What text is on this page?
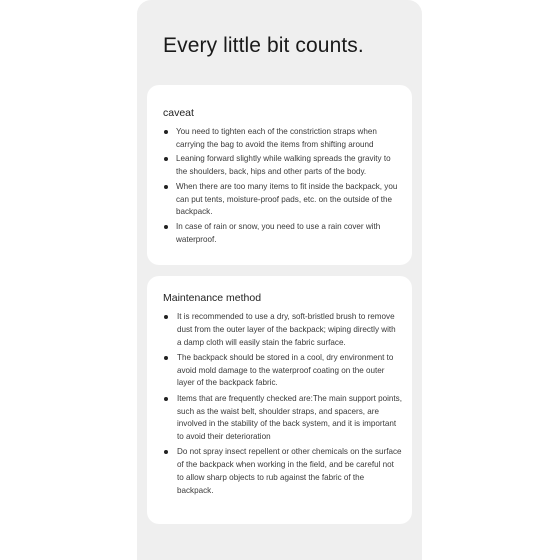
Every little bit counts.
caveat
You need to tighten each of the constriction straps when carrying the bag to avoid the items from shifting around
Leaning forward slightly while walking spreads the gravity to the shoulders, back, hips and other parts of the body.
When there are too many items to fit inside the backpack, you can put tents, moisture-proof pads, etc. on the outside of the backpack.
In case of rain or snow, you need to use a rain cover with waterproof.
Maintenance method
It is recommended to use a dry, soft-bristled brush to remove dust from the outer layer of the backpack; wiping directly with a damp cloth will easily stain the fabric surface.
The backpack should be stored in a cool, dry environment to avoid mold damage to the waterproof coating on the outer layer of the backpack fabric.
Items that are frequently checked are:The main support points, such as the waist belt, shoulder straps, and spacers, are involved in the stability of the back system, and it is important to avoid their deterioration
Do not spray insect repellent or other chemicals on the surface of the backpack when working in the field, and be careful not to allow sharp objects to rub against the fabric of the backpack.
